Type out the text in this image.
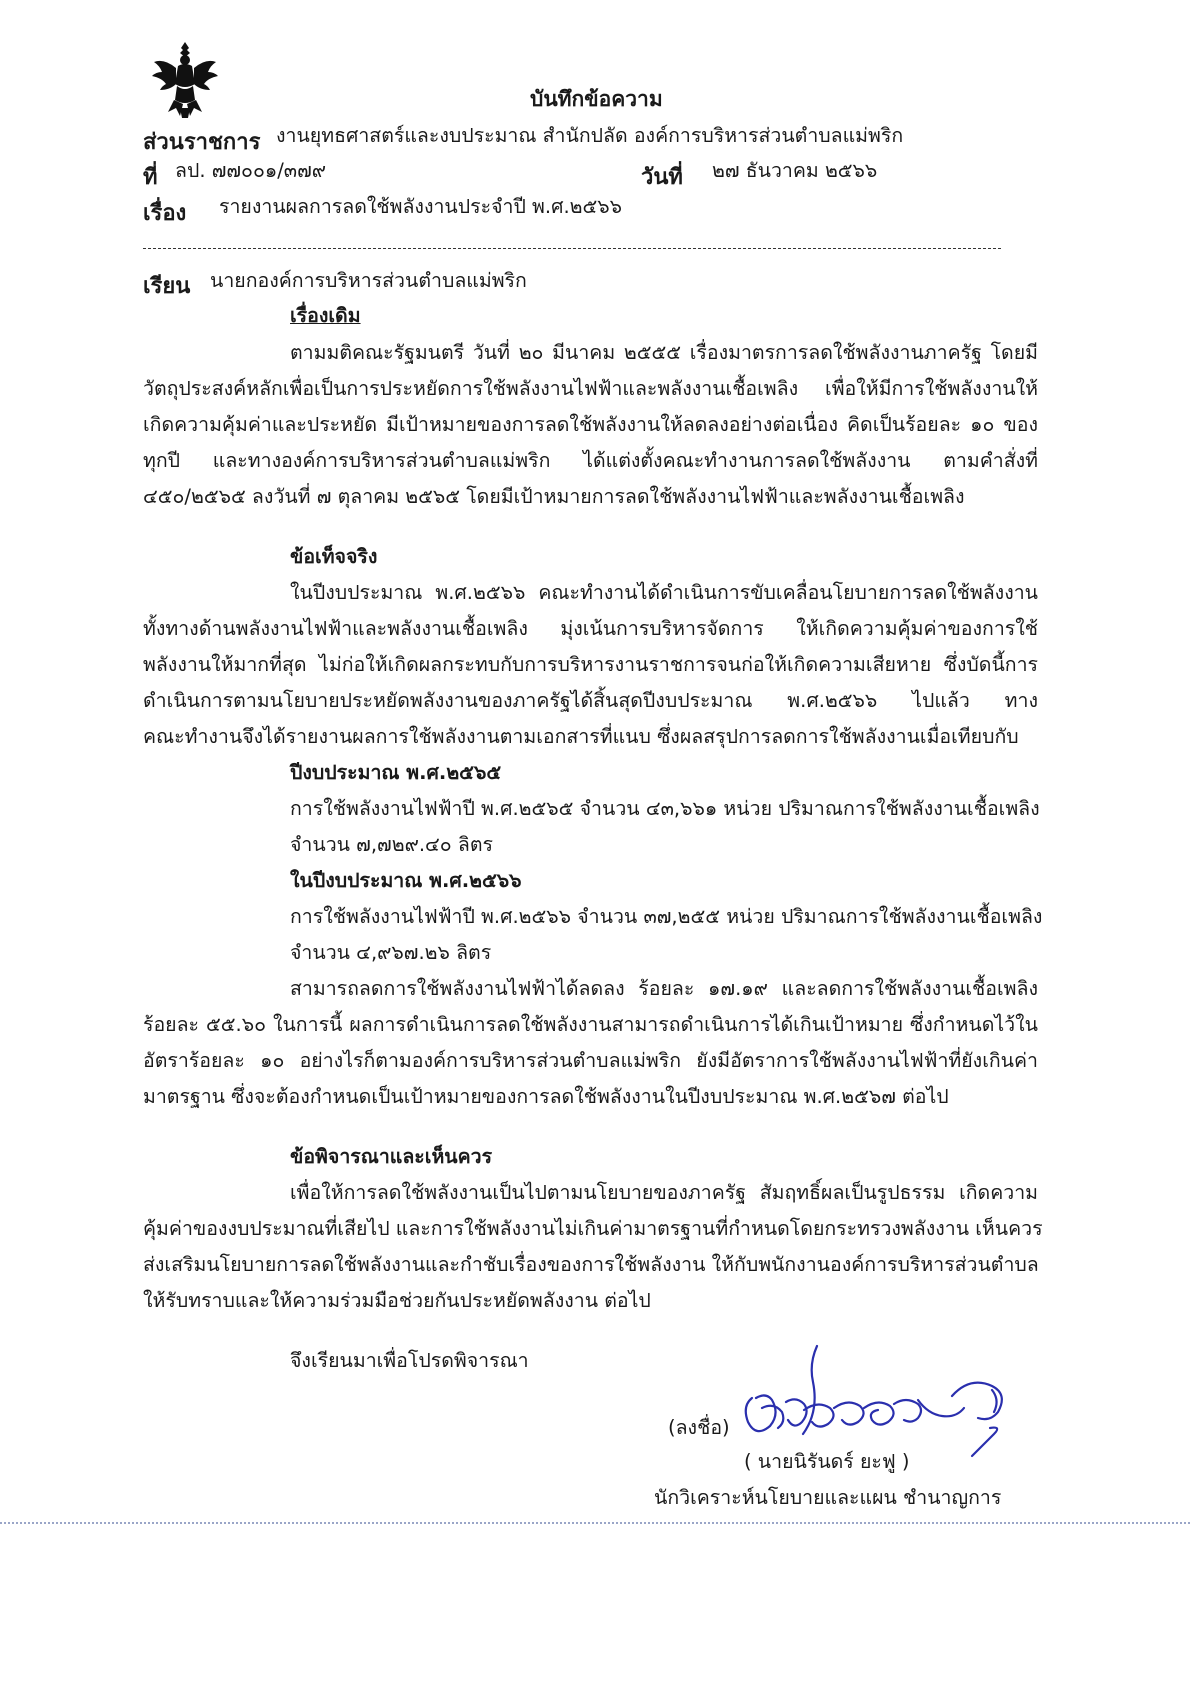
บันทึกข้อความ
ส่วนราชการ งานยุทธศาสตร์และงบประมาณ สำนักปลัด องค์การบริหารส่วนตำบลแม่พริก
ที่ ลป. ๗๗๐๐๑/๓๗๙	วันที่ ๒๗ ธันวาคม ๒๕๖๖
เรื่อง รายงานผลการลดใช้พลังงานประจำปี พ.ศ.๒๕๖๖
เรียน นายกองค์การบริหารส่วนตำบลแม่พริก
เรื่องเดิม
ตามมติคณะรัฐมนตรี วันที่ ๒๐ มีนาคม ๒๕๕๕ เรื่องมาตรการลดใช้พลังงานภาครัฐ โดยมี
วัตถุประสงค์หลักเพื่อเป็นการประหยัดการใช้พลังงานไฟฟ้าและพลังงานเชื้อเพลิง เพื่อให้มีการใช้พลังงานให้
เกิดความคุ้มค่าและประหยัด มีเป้าหมายของการลดใช้พลังงานให้ลดลงอย่างต่อเนื่อง คิดเป็นร้อยละ ๑๐ ของ
ทุกปี และทางองค์การบริหารส่วนตำบลแม่พริก ได้แต่งตั้งคณะทำงานการลดใช้พลังงาน ตามคำสั่งที่
๔๕๐/๒๕๖๕ ลงวันที่ ๗ ตุลาคม ๒๕๖๕ โดยมีเป้าหมายการลดใช้พลังงานไฟฟ้าและพลังงานเชื้อเพลิง
ข้อเท็จจริง
ในปีงบประมาณ พ.ศ.๒๕๖๖ คณะทำงานได้ดำเนินการขับเคลื่อนโยบายการลดใช้พลังงาน
ทั้งทางด้านพลังงานไฟฟ้าและพลังงานเชื้อเพลิง มุ่งเน้นการบริหารจัดการ ให้เกิดความคุ้มค่าของการใช้
พลังงานให้มากที่สุด ไม่ก่อให้เกิดผลกระทบกับการบริหารงานราชการจนก่อให้เกิดความเสียหาย ซึ่งบัดนี้การ
ดำเนินการตามนโยบายประหยัดพลังงานของภาครัฐได้สิ้นสุดปีงบประมาณ พ.ศ.๒๕๖๖ ไปแล้ว ทาง
คณะทำงานจึงได้รายงานผลการใช้พลังงานตามเอกสารที่แนบ ซึ่งผลสรุปการลดการใช้พลังงานเมื่อเทียบกับ
ปีงบประมาณ พ.ศ.๒๕๖๕
การใช้พลังงานไฟฟ้าปี พ.ศ.๒๕๖๕ จำนวน ๔๓,๖๖๑ หน่วย ปริมาณการใช้พลังงานเชื้อเพลิง
จำนวน ๗,๗๒๙.๔๐ ลิตร
ในปีงบประมาณ พ.ศ.๒๕๖๖
การใช้พลังงานไฟฟ้าปี พ.ศ.๒๕๖๖ จำนวน ๓๗,๒๕๕ หน่วย ปริมาณการใช้พลังงานเชื้อเพลิง
จำนวน ๔,๙๖๗.๒๖ ลิตร
สามารถลดการใช้พลังงานไฟฟ้าได้ลดลง ร้อยละ ๑๗.๑๙ และลดการใช้พลังงานเชื้อเพลิง
ร้อยละ ๕๕.๖๐ ในการนี้ ผลการดำเนินการลดใช้พลังงานสามารถดำเนินการได้เกินเป้าหมาย ซึ่งกำหนดไว้ใน
อัตราร้อยละ ๑๐ อย่างไรก็ตามองค์การบริหารส่วนตำบลแม่พริก ยังมีอัตราการใช้พลังงานไฟฟ้าที่ยังเกินค่า
มาตรฐาน ซึ่งจะต้องกำหนดเป็นเป้าหมายของการลดใช้พลังงานในปีงบประมาณ พ.ศ.๒๕๖๗ ต่อไป
ข้อพิจารณาและเห็นควร
เพื่อให้การลดใช้พลังงานเป็นไปตามนโยบายของภาครัฐ สัมฤทธิ์ผลเป็นรูปธรรม เกิดความ
คุ้มค่าของงบประมาณที่เสียไป และการใช้พลังงานไม่เกินค่ามาตรฐานที่กำหนดโดยกระทรวงพลังงาน เห็นควร
ส่งเสริมนโยบายการลดใช้พลังงานและกำชับเรื่องของการใช้พลังงาน ให้กับพนักงานองค์การบริหารส่วนตำบล
ให้รับทราบและให้ความร่วมมือช่วยกันประหยัดพลังงาน ต่อไป
จึงเรียนมาเพื่อโปรดพิจารณา
(ลงชื่อ)
( นายนิรันดร์ ยะฟู )
นักวิเคราะห์นโยบายและแผน ชำนาญการ
